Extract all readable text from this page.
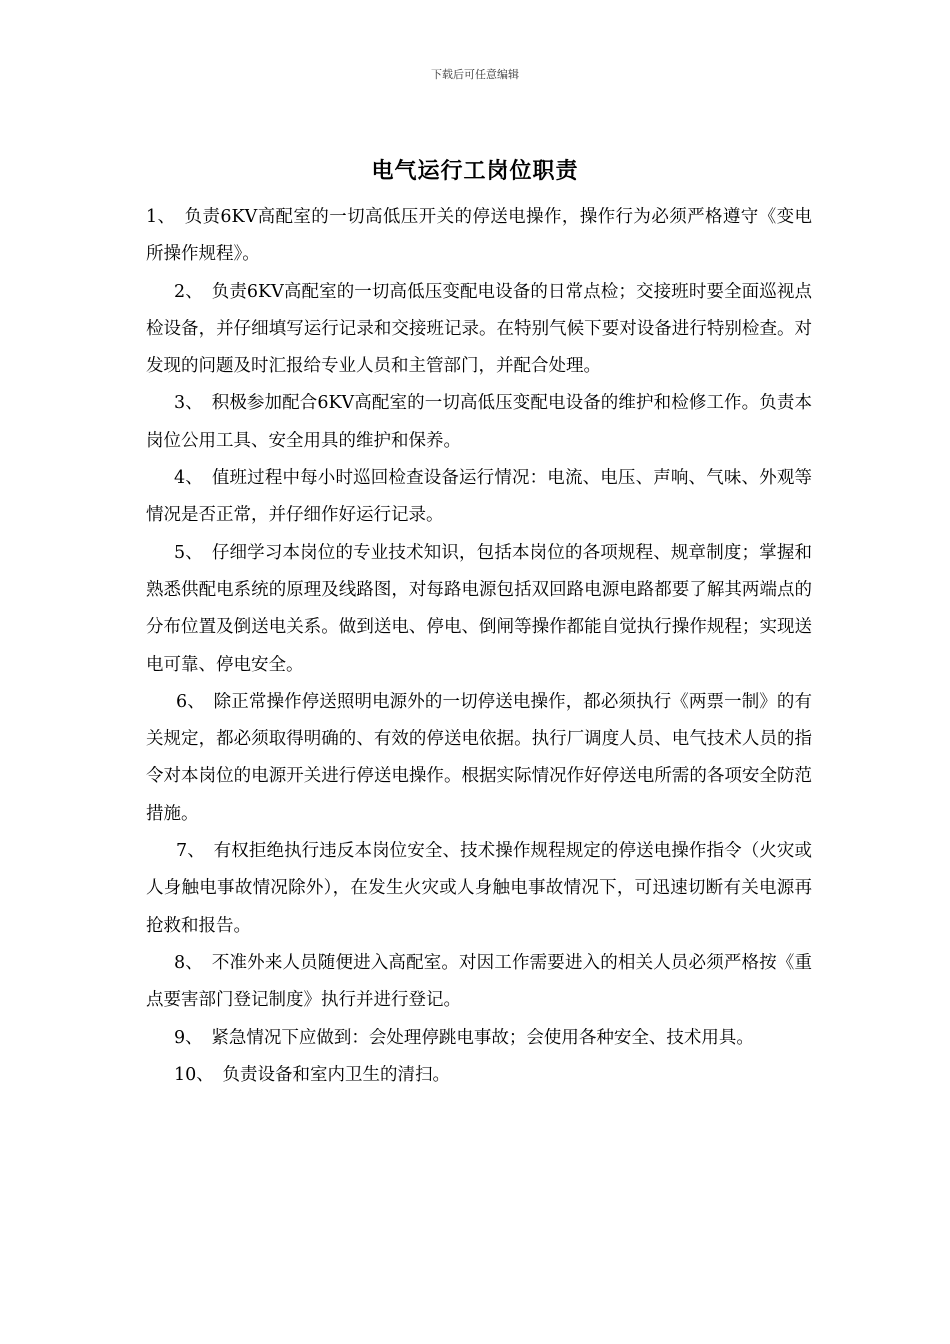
下载后可任意编辑
电气运行工岗位职责

1、　负责6KV高配室的一切高低压开关的停送电操作，操作行为必须严格遵守《变电所操作规程》。

2、　负责6KV高配室的一切高低压变配电设备的日常点检；交接班时要全面巡视点检设备，并仔细填写运行记录和交接班记录。在特别气候下要对设备进行特别检查。对发现的问题及时汇报给专业人员和主管部门，并配合处理。

3、　积极参加配合6KV高配室的一切高低压变配电设备的维护和检修工作。负责本岗位公用工具、安全用具的维护和保养。

4、　值班过程中每小时巡回检查设备运行情况：电流、电压、声响、气味、外观等情况是否正常，并仔细作好运行记录。

5、　仔细学习本岗位的专业技术知识，包括本岗位的各项规程、规章制度；掌握和熟悉供配电系统的原理及线路图，对每路电源包括双回路电源电路都要了解其两端点的分布位置及倒送电关系。做到送电、停电、倒闸等操作都能自觉执行操作规程；实现送电可靠、停电安全。

6、　除正常操作停送照明电源外的一切停送电操作，都必须执行《两票一制》的有关规定，都必须取得明确的、有效的停送电依据。执行厂调度人员、电气技术人员的指令对本岗位的电源开关进行停送电操作。根据实际情况作好停送电所需的各项安全防范措施。

7、　有权拒绝执行违反本岗位安全、技术操作规程规定的停送电操作指令（火灾或人身触电事故情况除外），在发生火灾或人身触电事故情况下，可迅速切断有关电源再抢救和报告。

8、　不准外来人员随便进入高配室。对因工作需要进入的相关人员必须严格按《重点要害部门登记制度》执行并进行登记。

9、　紧急情况下应做到：会处理停跳电事故；会使用各种安全、技术用具。

10、　负责设备和室内卫生的清扫。
